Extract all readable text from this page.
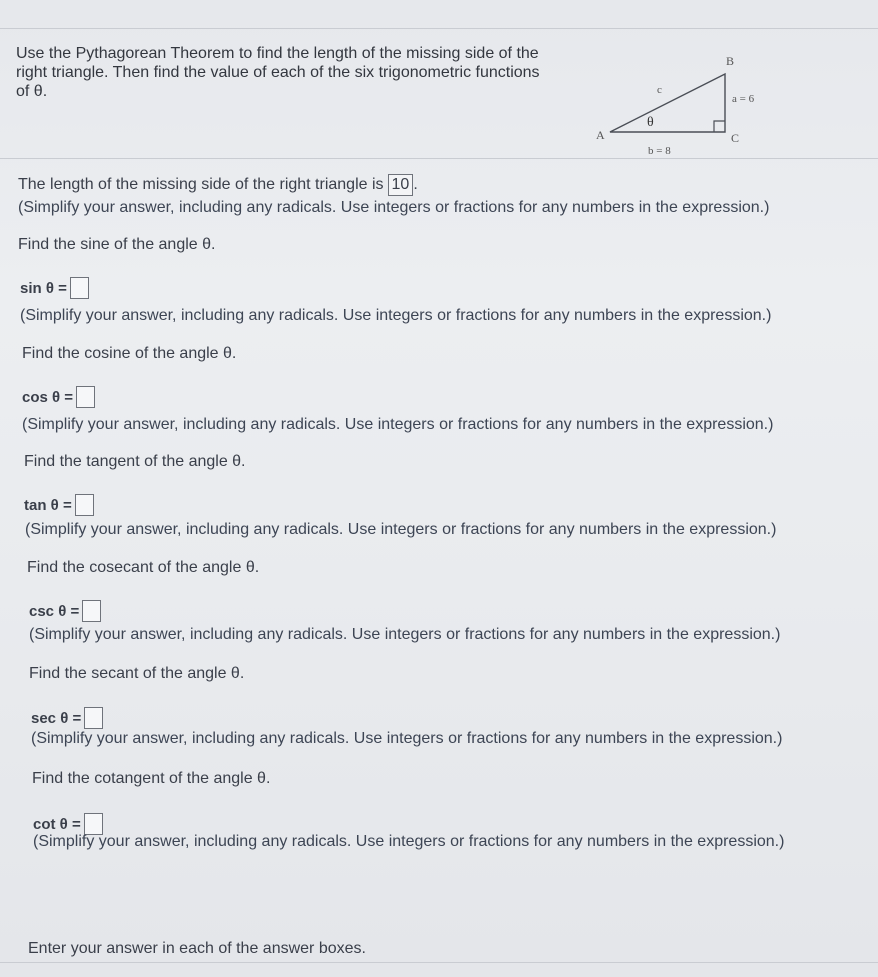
Use the Pythagorean Theorem to find the length of the missing side of the
right triangle. Then find the value of each of the six trigonometric functions
of θ.
A
B
C
c
a = 6
b = 8
θ
The length of the missing side of the right triangle is 10 .
(Simplify your answer, including any radicals. Use integers or fractions for any numbers in the expression.)
Find the sine of the angle θ.
sin θ =
(Simplify your answer, including any radicals. Use integers or fractions for any numbers in the expression.)
Find the cosine of the angle θ.
cos θ =
(Simplify your answer, including any radicals. Use integers or fractions for any numbers in the expression.)
Find the tangent of the angle θ.
tan θ =
(Simplify your answer, including any radicals. Use integers or fractions for any numbers in the expression.)
Find the cosecant of the angle θ.
csc θ =
(Simplify your answer, including any radicals. Use integers or fractions for any numbers in the expression.)
Find the secant of the angle θ.
sec θ =
(Simplify your answer, including any radicals. Use integers or fractions for any numbers in the expression.)
Find the cotangent of the angle θ.
cot θ =
(Simplify your answer, including any radicals. Use integers or fractions for any numbers in the expression.)
Enter your answer in each of the answer boxes.
